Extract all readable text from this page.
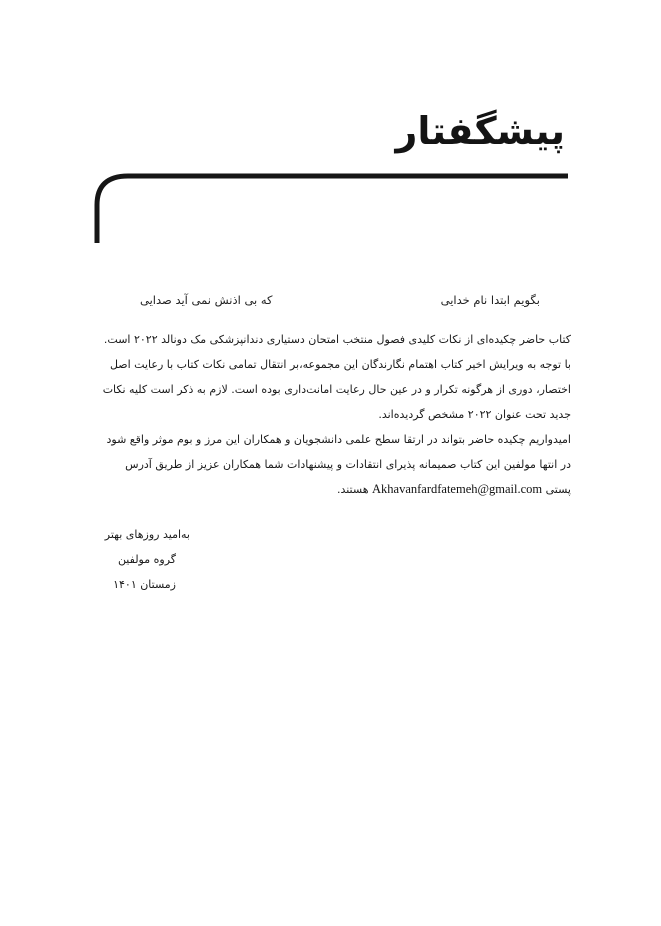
پیشگفتار
بگویم ابتدا نام خدایی
که بی اذنش نمی آید صدایی
کتاب حاضر چکیده‌ای از نکات کلیدی فصول منتخب امتحان دستیاری دندانپزشکی مک دونالد ۲۰۲۲ است.
با توجه به ویرایش اخیر کتاب اهتمام نگارندگان این مجموعه،بر انتقال تمامی نکات کتاب با رعایت اصل
اختصار، دوری از هرگونه تکرار و در عین حال رعایت امانت‌داری بوده است. لازم به ذکر است کلیه نکات
جدید تحت عنوان ۲۰۲۲ مشخص گردیده‌اند.
امیدواریم چکیده حاضر بتواند در ارتقا سطح علمی دانشجویان و همکاران این مرز و بوم موثر واقع شود
در انتها مولفین این کتاب صمیمانه پذیرای انتقادات و پیشنهادات شما همکاران عزیز از طریق آدرس
پستی Akhavanfardfatemeh@gmail.com هستند.
به‌امید روزهای بهتر
گروه مولفین
زمستان ۱۴۰۱
